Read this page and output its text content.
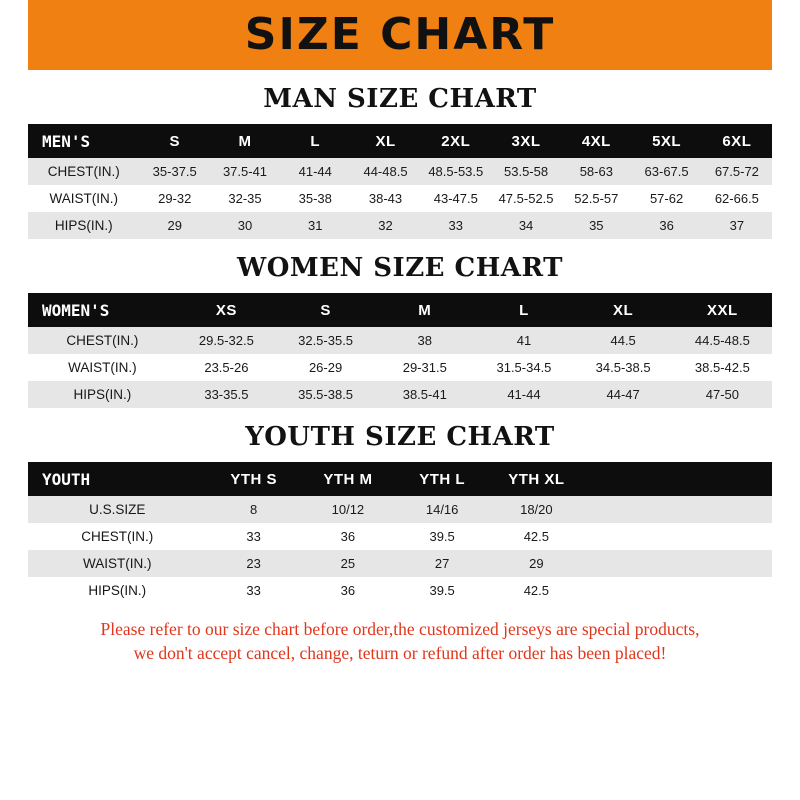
SIZE CHART
MAN SIZE CHART
MEN'S	S	M	L	XL	2XL	3XL	4XL	5XL	6XL
CHEST(IN.)	35-37.5	37.5-41	41-44	44-48.5	48.5-53.5	53.5-58	58-63	63-67.5	67.5-72
WAIST(IN.)	29-32	32-35	35-38	38-43	43-47.5	47.5-52.5	52.5-57	57-62	62-66.5
HIPS(IN.)	29	30	31	32	33	34	35	36	37
WOMEN SIZE CHART
WOMEN'S	XS	S	M	L	XL	XXL
CHEST(IN.)	29.5-32.5	32.5-35.5	38	41	44.5	44.5-48.5
WAIST(IN.)	23.5-26	26-29	29-31.5	31.5-34.5	34.5-38.5	38.5-42.5
HIPS(IN.)	33-35.5	35.5-38.5	38.5-41	41-44	44-47	47-50
YOUTH SIZE CHART
YOUTH	YTH S	YTH M	YTH L	YTH XL		
U.S.SIZE	8	10/12	14/16	18/20		
CHEST(IN.)	33	36	39.5	42.5		
WAIST(IN.)	23	25	27	29		
HIPS(IN.)	33	36	39.5	42.5		
Please refer to our size chart before order,the customized jerseys are special products,
we don't accept cancel, change, teturn or refund after order has been placed!
